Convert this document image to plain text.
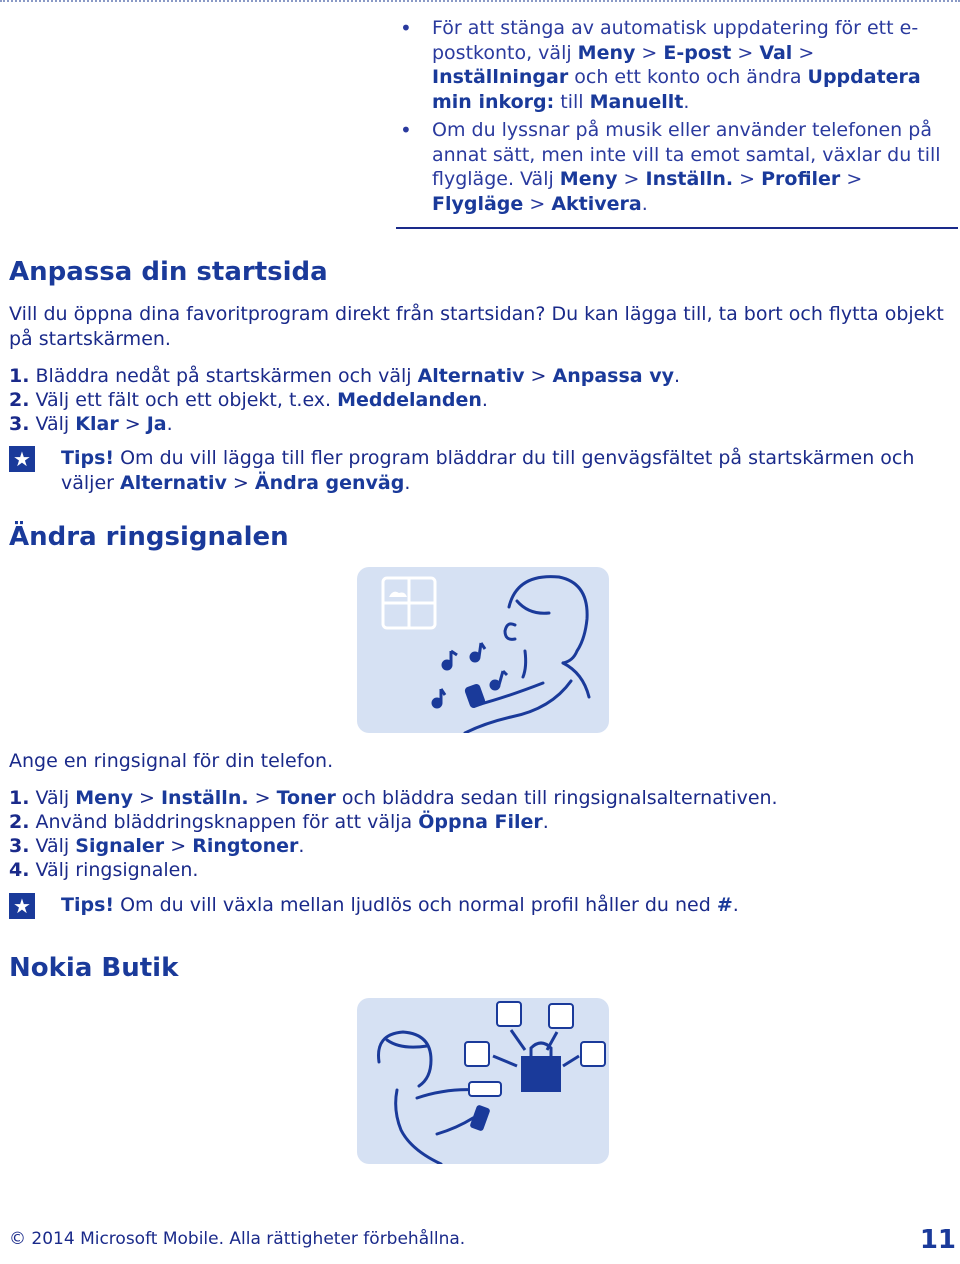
• För att stänga av automatisk uppdatering för ett e-postkonto, välj Meny > E-post > Val > Inställningar och ett konto och ändra Uppdatera min inkorg: till Manuellt.
• Om du lyssnar på musik eller använder telefonen på annat sätt, men inte vill ta emot samtal, växlar du till flygläge. Välj Meny > Inställn. > Profiler > Flygläge > Aktivera.
Anpassa din startsida
Vill du öppna dina favoritprogram direkt från startsidan? Du kan lägga till, ta bort och flytta objekt på startskärmen.
1. Bläddra nedåt på startskärmen och välj Alternativ > Anpassa vy.
2. Välj ett fält och ett objekt, t.ex. Meddelanden.
3. Välj Klar > Ja.
★ Tips! Om du vill lägga till fler program bläddrar du till genvägsfältet på startskärmen och väljer Alternativ > Ändra genväg.
Ändra ringsignalen
Ange en ringsignal för din telefon.
1. Välj Meny > Inställn. > Toner och bläddra sedan till ringsignalsalternativen.
2. Använd bläddringsknappen för att välja Öppna Filer.
3. Välj Signaler > Ringtoner.
4. Välj ringsignalen.
★ Tips! Om du vill växla mellan ljudlös och normal profil håller du ned #.
Nokia Butik
© 2014 Microsoft Mobile. Alla rättigheter förbehållna.	11
